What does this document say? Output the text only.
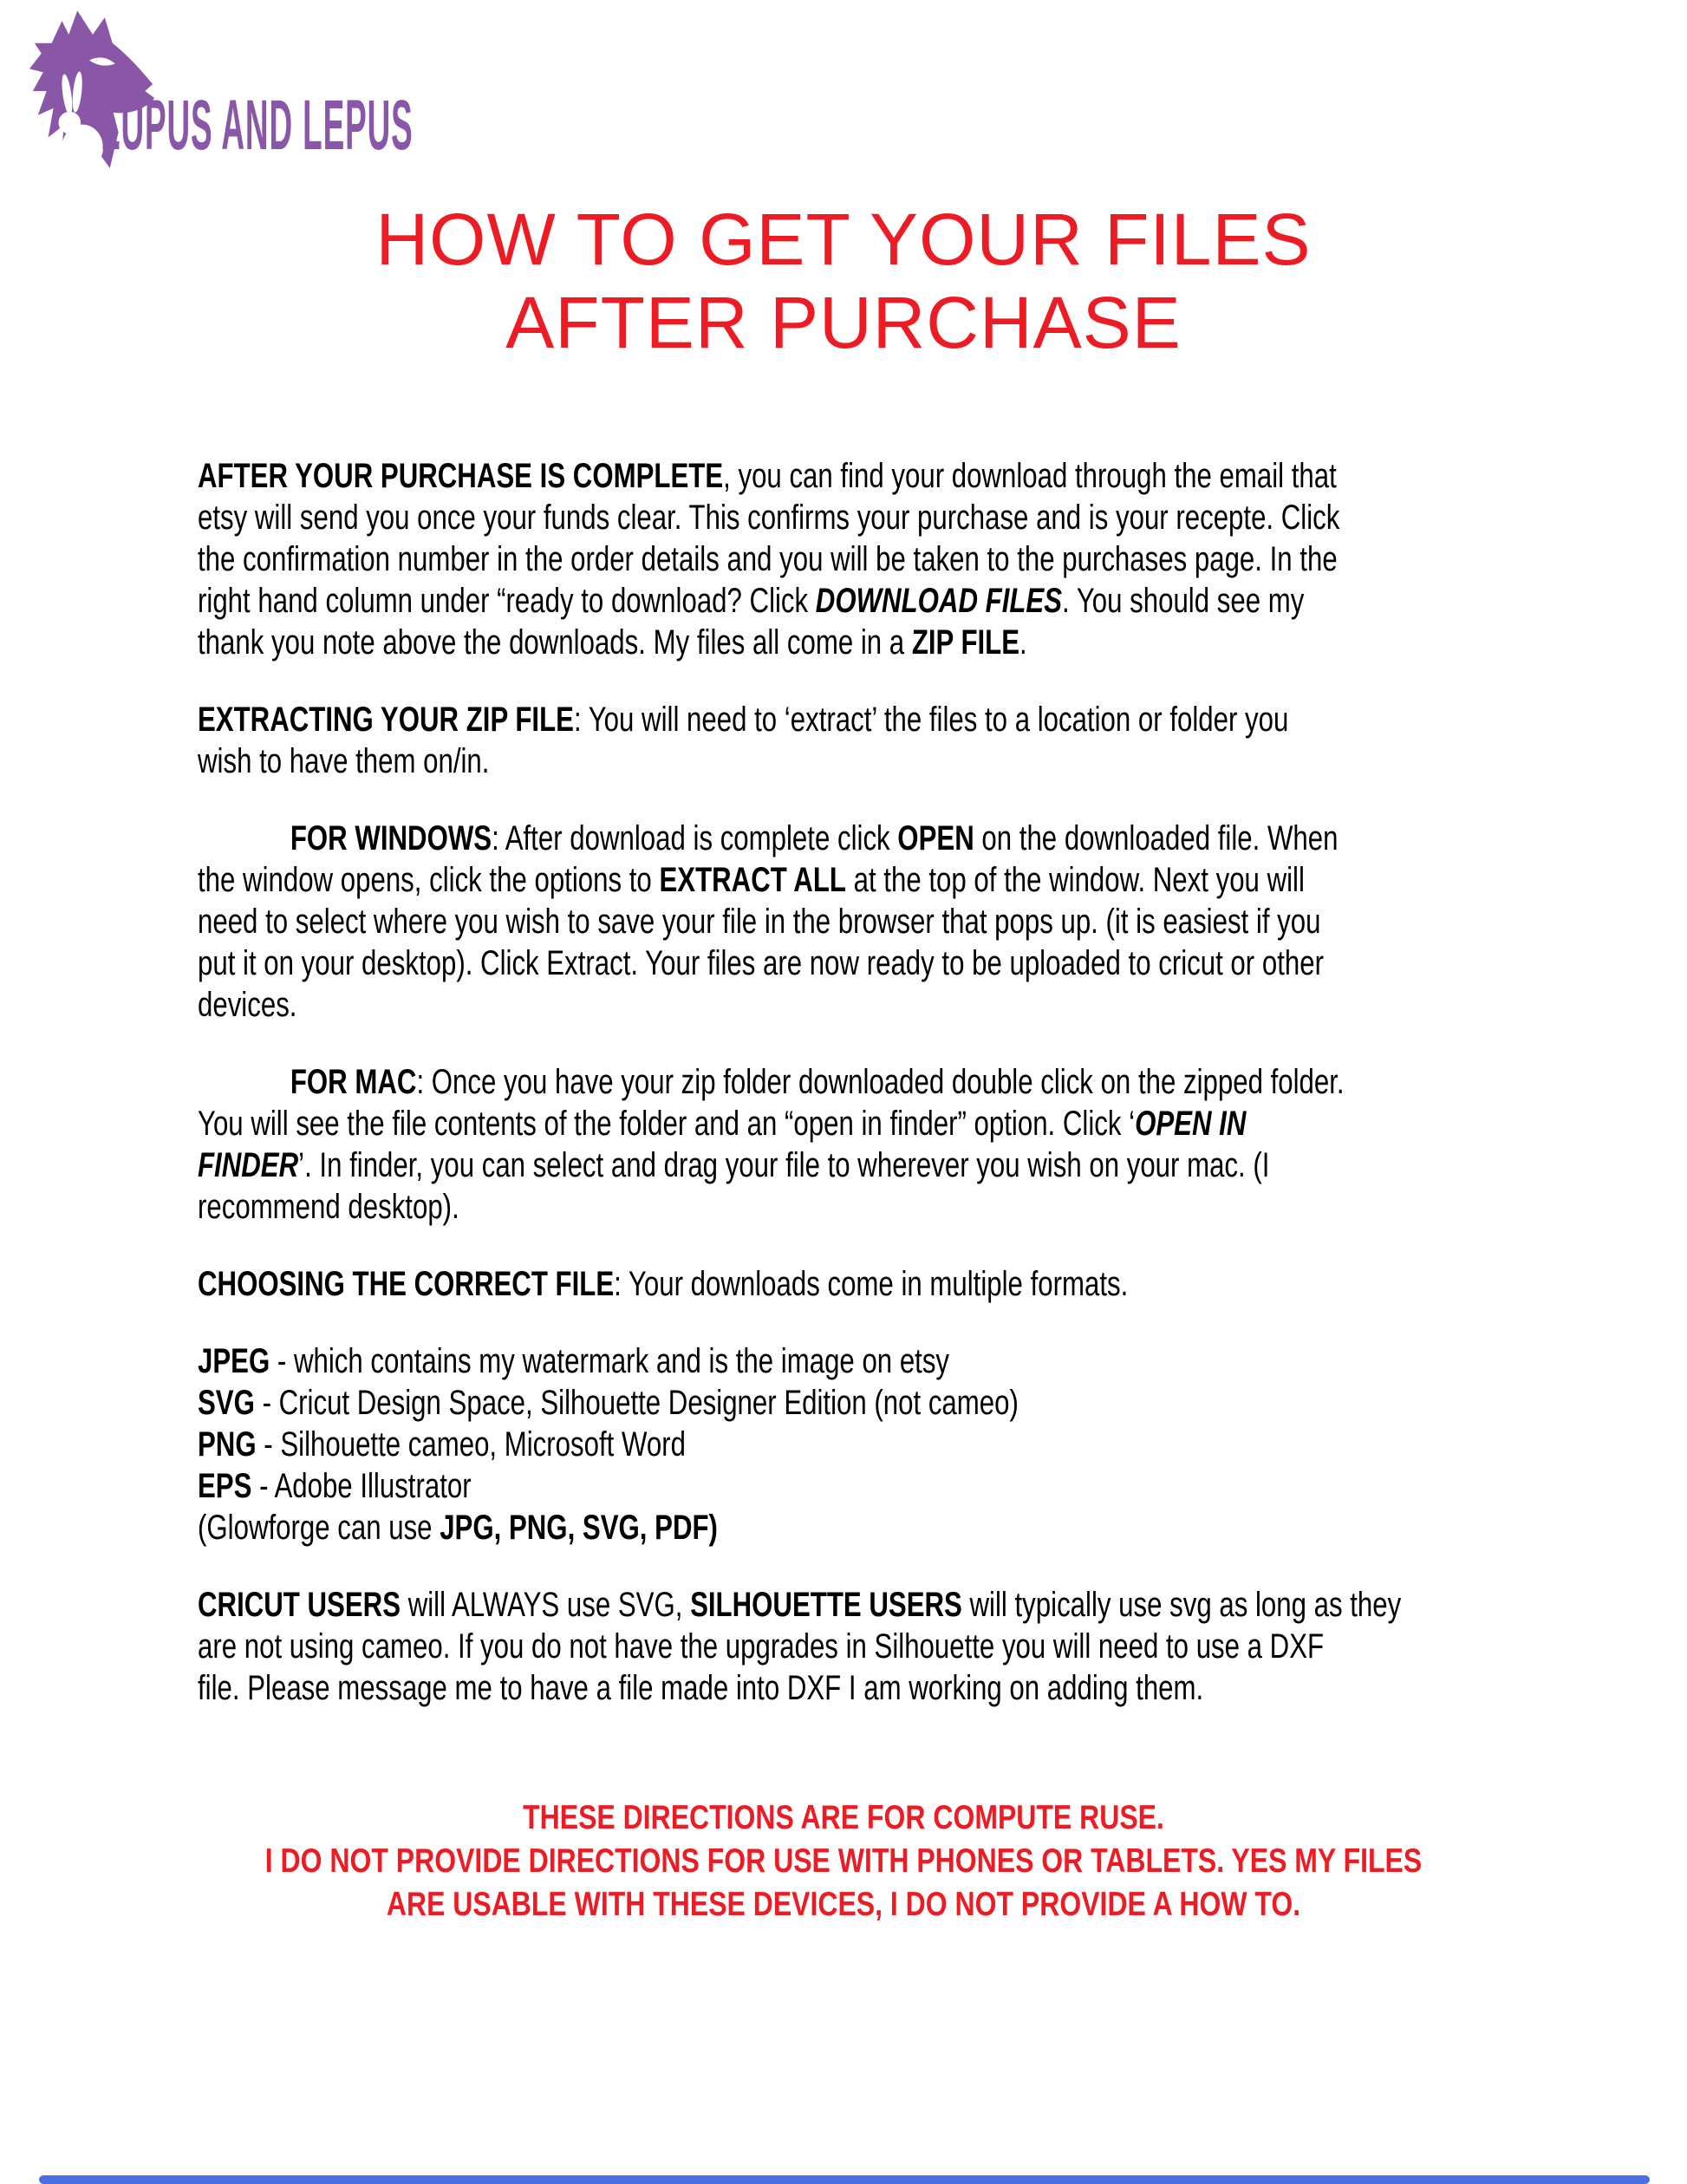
LUPUS AND LEPUS
HOW TO GET YOUR FILES
AFTER PURCHASE
AFTER YOUR PURCHASE IS COMPLETE, you can find your download through the email that
etsy will send you once your funds clear. This confirms your purchase and is your recepte. Click
the confirmation number in the order details and you will be taken to the purchases page. In the
right hand column under “ready to download? Click DOWNLOAD FILES. You should see my
thank you note above the downloads. My files all come in a ZIP FILE.
EXTRACTING YOUR ZIP FILE: You will need to ‘extract’ the files to a location or folder you
wish to have them on/in.
FOR WINDOWS: After download is complete click OPEN on the downloaded file. When
the window opens, click the options to EXTRACT ALL at the top of the window. Next you will
need to select where you wish to save your file in the browser that pops up. (it is easiest if you
put it on your desktop). Click Extract. Your files are now ready to be uploaded to cricut or other
devices.
FOR MAC: Once you have your zip folder downloaded double click on the zipped folder.
You will see the file contents of the folder and an “open in finder” option. Click ‘OPEN IN
FINDER’. In finder, you can select and drag your file to wherever you wish on your mac. (I
recommend desktop).
CHOOSING THE CORRECT FILE: Your downloads come in multiple formats.
JPEG - which contains my watermark and is the image on etsy
SVG - Cricut Design Space, Silhouette Designer Edition (not cameo)
PNG - Silhouette cameo, Microsoft Word
EPS - Adobe Illustrator
(Glowforge can use JPG, PNG, SVG, PDF)
CRICUT USERS will ALWAYS use SVG, SILHOUETTE USERS will typically use svg as long as they
are not using cameo. If you do not have the upgrades in Silhouette you will need to use a DXF
file. Please message me to have a file made into DXF I am working on adding them.
THESE DIRECTIONS ARE FOR COMPUTE RUSE.
I DO NOT PROVIDE DIRECTIONS FOR USE WITH PHONES OR TABLETS. YES MY FILES
ARE USABLE WITH THESE DEVICES, I DO NOT PROVIDE A HOW TO.
